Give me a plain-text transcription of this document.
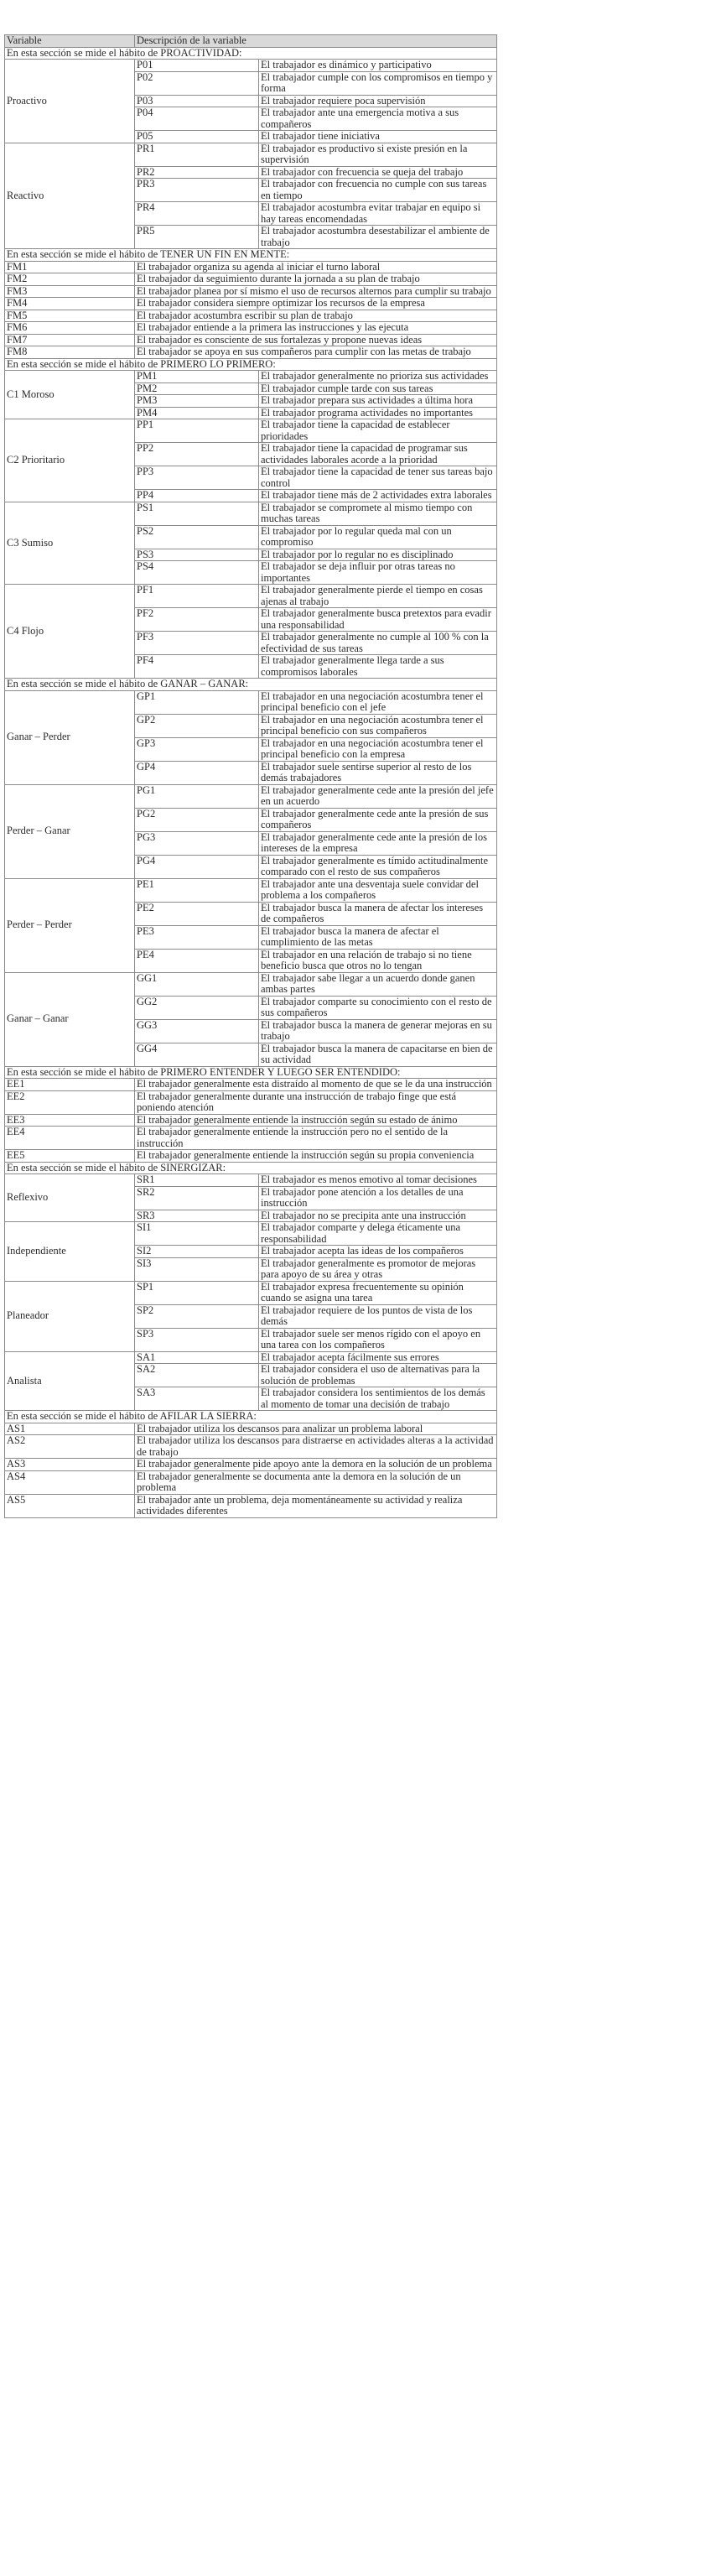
Variable	Descripción de la variable	
En esta sección se mide el hábito de PROACTIVIDAD:		
Proactivo	P01	El trabajador es dinámico y participativo
	P02	El trabajador cumple con los compromisos en tiempo y forma
	P03	El trabajador requiere poca supervisión
	P04	El trabajador ante una emergencia motiva a sus compañeros
	P05	El trabajador tiene iniciativa
Reactivo	PR1	El trabajador es productivo si existe presión en la supervisión
	PR2	El trabajador con frecuencia se queja del trabajo
	PR3	El trabajador con frecuencia no cumple con sus tareas en tiempo
	PR4	El trabajador acostumbra evitar trabajar en equipo si hay tareas encomendadas
	PR5	El trabajador acostumbra desestabilizar el ambiente de trabajo
En esta sección se mide el hábito de TENER UN FIN EN MENTE:		
FM1	El trabajador organiza su agenda al iniciar el turno laboral	
FM2	El trabajador da seguimiento durante la jornada a su plan de trabajo	
FM3	El trabajador planea por sí mismo el uso de recursos alternos para cumplir su trabajo	
FM4	El trabajador considera siempre optimizar los recursos de la empresa	
FM5	El trabajador acostumbra escribir su plan de trabajo	
FM6	El trabajador entiende a la primera las instrucciones y las ejecuta	
FM7	El trabajador es consciente de sus fortalezas y propone nuevas ideas	
FM8	El trabajador se apoya en sus compañeros para cumplir con las metas de trabajo	
En esta sección se mide el hábito de PRIMERO LO PRIMERO:		
C1 Moroso	PM1	El trabajador generalmente no prioriza sus actividades
	PM2	El trabajador cumple tarde con sus tareas
	PM3	El trabajador prepara sus actividades a última hora
	PM4	El trabajador programa actividades no importantes
C2 Prioritario	PP1	El trabajador tiene la capacidad de establecer prioridades
	PP2	El trabajador tiene la capacidad de programar sus actividades laborales acorde a la prioridad
	PP3	El trabajador tiene la capacidad de tener sus tareas bajo control
	PP4	El trabajador tiene más de 2 actividades extra laborales
C3 Sumiso	PS1	El trabajador se compromete al mismo tiempo con muchas tareas
	PS2	El trabajador por lo regular queda mal con un compromiso
	PS3	El trabajador por lo regular no es disciplinado
	PS4	El trabajador se deja influir por otras tareas no importantes
C4 Flojo	PF1	El trabajador generalmente pierde el tiempo en cosas ajenas al trabajo
	PF2	El trabajador generalmente busca pretextos para evadir una responsabilidad
	PF3	El trabajador generalmente no cumple al 100 % con la efectividad de sus tareas
	PF4	El trabajador generalmente llega tarde a sus compromisos laborales
En esta sección se mide el hábito de GANAR – GANAR:		
Ganar – Perder	GP1	El trabajador en una negociación acostumbra tener el principal beneficio con el jefe
	GP2	El trabajador en una negociación acostumbra tener el principal beneficio con sus compañeros
	GP3	El trabajador en una negociación acostumbra tener el principal beneficio con la empresa
	GP4	El trabajador suele sentirse superior al resto de los demás trabajadores
Perder – Ganar	PG1	El trabajador generalmente cede ante la presión del jefe en un acuerdo
	PG2	El trabajador generalmente cede ante la presión de sus compañeros
	PG3	El trabajador generalmente cede ante la presión de los intereses de la empresa
	PG4	El trabajador generalmente es tímido actitudinalmente comparado con el resto de sus compañeros
Perder – Perder	PE1	El trabajador ante una desventaja suele convidar del problema a los compañeros
	PE2	El trabajador busca la manera de afectar los intereses de compañeros
	PE3	El trabajador busca la manera de afectar el cumplimiento de las metas
	PE4	El trabajador en una relación de trabajo si no tiene beneficio busca que otros no lo tengan
Ganar – Ganar	GG1	El trabajador sabe llegar a un acuerdo donde ganen ambas partes
	GG2	El trabajador comparte su conocimiento con el resto de sus compañeros
	GG3	El trabajador busca la manera de generar mejoras en su trabajo
	GG4	El trabajador busca la manera de capacitarse en bien de su actividad
En esta sección se mide el hábito de PRIMERO ENTENDER Y LUEGO SER ENTENDIDO:		
EE1	El trabajador generalmente esta distraído al momento de que se le da una instrucción	
EE2	El trabajador generalmente durante una instrucción de trabajo finge que está poniendo atención	
EE3	El trabajador generalmente entiende la instrucción según su estado de ánimo	
EE4	El trabajador generalmente entiende la instrucción pero no el sentido de la instrucción	
EE5	El trabajador generalmente entiende la instrucción según su propia conveniencia	
En esta sección se mide el hábito de SINERGIZAR:		
Reflexivo	SR1	El trabajador es menos emotivo al tomar decisiones
	SR2	El trabajador pone atención a los detalles de una instrucción
	SR3	El trabajador no se precipita ante una instrucción
Independiente	SI1	El trabajador comparte y delega éticamente una responsabilidad
	SI2	El trabajador acepta las ideas de los compañeros
	SI3	El trabajador generalmente es promotor de mejoras para apoyo de su área y otras
Planeador	SP1	El trabajador expresa frecuentemente su opinión cuando se asigna una tarea
	SP2	El trabajador requiere de los puntos de vista de los demás
	SP3	El trabajador suele ser menos rígido con el apoyo en una tarea con los compañeros
Analista	SA1	El trabajador acepta fácilmente sus errores
	SA2	El trabajador considera el uso de alternativas para la solución de problemas
	SA3	El trabajador considera los sentimientos de los demás al momento de tomar una decisión de trabajo
En esta sección se mide el hábito de AFILAR LA SIERRA:		
AS1	El trabajador utiliza los descansos para analizar un problema laboral	
AS2	El trabajador utiliza los descansos para distraerse en actividades alteras a la actividad de trabajo	
AS3	El trabajador generalmente pide apoyo ante la demora en la solución de un problema	
AS4	El trabajador generalmente se documenta ante la demora en la solución de un problema	
AS5	El trabajador ante un problema, deja momentáneamente su actividad y realiza actividades diferentes	
